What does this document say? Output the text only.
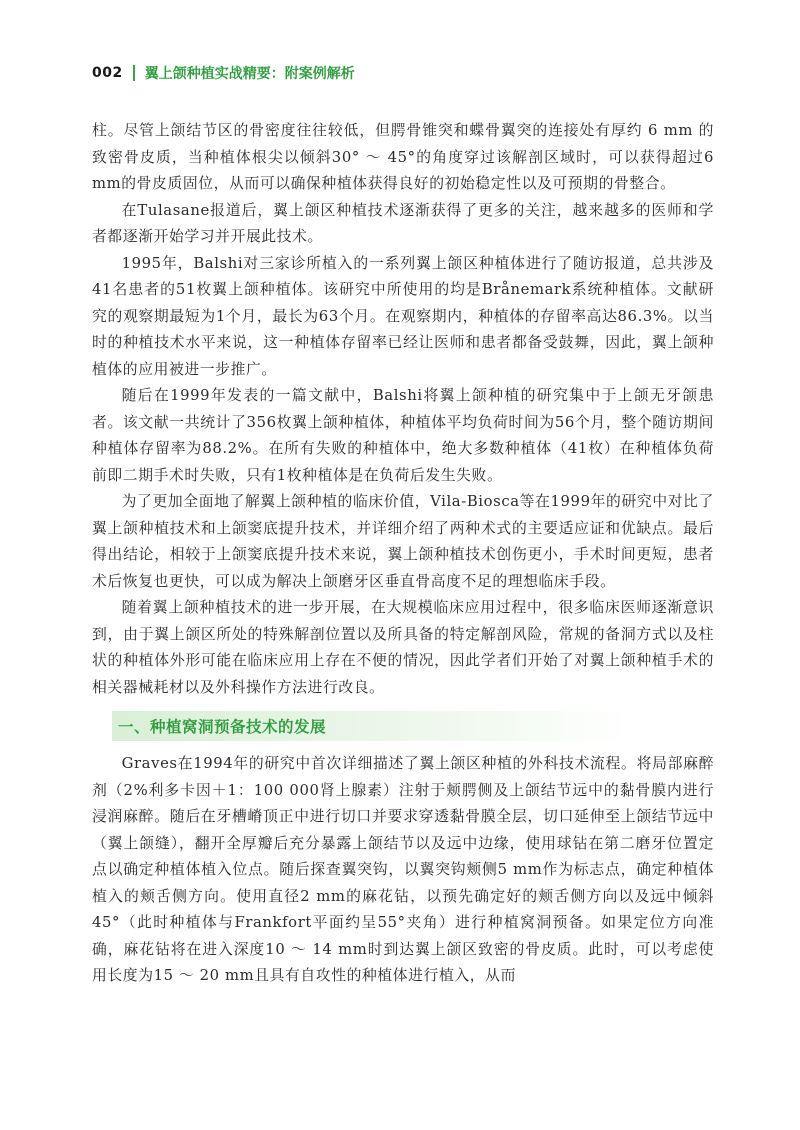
002 翼上颌种植实战精要：附案例解析

柱。尽管上颌结节区的骨密度往往较低，但腭骨锥突和蝶骨翼突的连接处有厚约 6 mm 的致密骨皮质，当种植体根尖以倾斜30° ～ 45°的角度穿过该解剖区域时，可以获得超过6 mm的骨皮质固位，从而可以确保种植体获得良好的初始稳定性以及可预期的骨整合。

在Tulasane报道后，翼上颌区种植技术逐渐获得了更多的关注，越来越多的医师和学者都逐渐开始学习并开展此技术。

1995年，Balshi对三家诊所植入的一系列翼上颌区种植体进行了随访报道，总共涉及41名患者的51枚翼上颌种植体。该研究中所使用的均是Brånemark系统种植体。文献研究的观察期最短为1个月，最长为63个月。在观察期内，种植体的存留率高达86.3%。以当时的种植技术水平来说，这一种植体存留率已经让医师和患者都备受鼓舞，因此，翼上颌种植体的应用被进一步推广。

随后在1999年发表的一篇文献中，Balshi将翼上颌种植的研究集中于上颌无牙颌患者。该文献一共统计了356枚翼上颌种植体，种植体平均负荷时间为56个月，整个随访期间种植体存留率为88.2%。在所有失败的种植体中，绝大多数种植体（41枚）在种植体负荷前即二期手术时失败，只有1枚种植体是在负荷后发生失败。

为了更加全面地了解翼上颌种植的临床价值，Vila-Biosca等在1999年的研究中对比了翼上颌种植技术和上颌窦底提升技术，并详细介绍了两种术式的主要适应证和优缺点。最后得出结论，相较于上颌窦底提升技术来说，翼上颌种植技术创伤更小，手术时间更短，患者术后恢复也更快，可以成为解决上颌磨牙区垂直骨高度不足的理想临床手段。

随着翼上颌种植技术的进一步开展，在大规模临床应用过程中，很多临床医师逐渐意识到，由于翼上颌区所处的特殊解剖位置以及所具备的特定解剖风险，常规的备洞方式以及柱状的种植体外形可能在临床应用上存在不便的情况，因此学者们开始了对翼上颌种植手术的相关器械耗材以及外科操作方法进行改良。

一、种植窝洞预备技术的发展

Graves在1994年的研究中首次详细描述了翼上颌区种植的外科技术流程。将局部麻醉剂（2%利多卡因＋1：100 000肾上腺素）注射于颊腭侧及上颌结节远中的黏骨膜内进行浸润麻醉。随后在牙槽嵴顶正中进行切口并要求穿透黏骨膜全层，切口延伸至上颌结节远中（翼上颌缝），翻开全厚瓣后充分暴露上颌结节以及远中边缘，使用球钻在第二磨牙位置定点以确定种植体植入位点。随后探查翼突钩，以翼突钩颊侧5 mm作为标志点，确定种植体植入的颊舌侧方向。使用直径2 mm的麻花钻，以预先确定好的颊舌侧方向以及远中倾斜45°（此时种植体与Frankfort平面约呈55°夹角）进行种植窝洞预备。如果定位方向准确，麻花钻将在进入深度10 ～ 14 mm时到达翼上颌区致密的骨皮质。此时，可以考虑使用长度为15 ～ 20 mm且具有自攻性的种植体进行植入，从而
